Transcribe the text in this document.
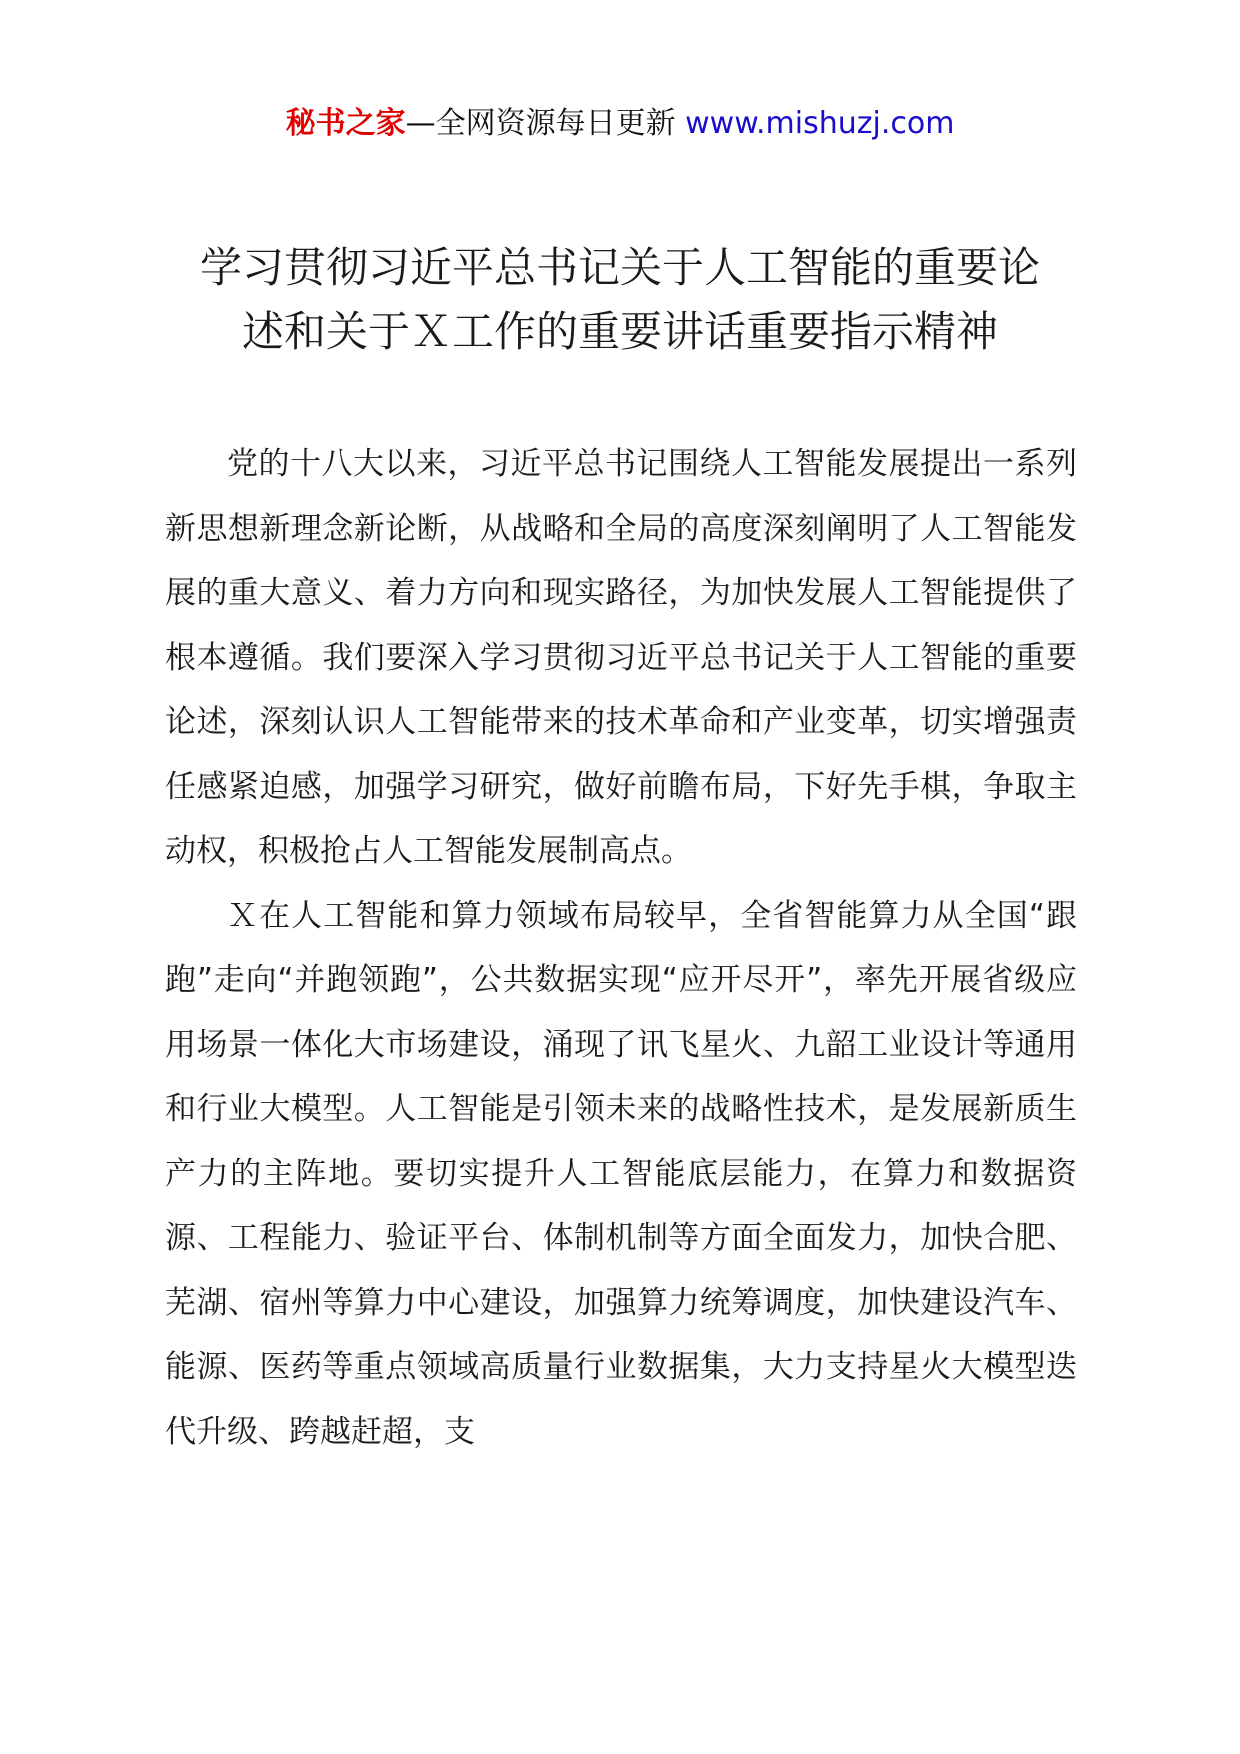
秘书之家—全网资源每日更新 www.mishuzj.com

学习贯彻习近平总书记关于人工智能的重要论

述和关于Ｘ工作的重要讲话重要指示精神

党的十八大以来，习近平总书记围绕人工智能发展提出一系列新思想新理念新论断，从战略和全局的高度深刻阐明了人工智能发展的重大意义、着力方向和现实路径，为加快发展人工智能提供了根本遵循。我们要深入学习贯彻习近平总书记关于人工智能的重要论述，深刻认识人工智能带来的技术革命和产业变革，切实增强责任感紧迫感，加强学习研究，做好前瞻布局，下好先手棋，争取主动权，积极抢占人工智能发展制高点。

Ｘ在人工智能和算力领域布局较早，全省智能算力从全国“跟跑”走向“并跑领跑”，公共数据实现“应开尽开”，率先开展省级应用场景一体化大市场建设，涌现了讯飞星火、九韶工业设计等通用和行业大模型。人工智能是引领未来的战略性技术，是发展新质生产力的主阵地。要切实提升人工智能底层能力，在算力和数据资源、工程能力、验证平台、体制机制等方面全面发力，加快合肥、芜湖、宿州等算力中心建设，加强算力统筹调度，加快建设汽车、能源、医药等重点领域高质量行业数据集，大力支持星火大模型迭代升级、跨越赶超，支
